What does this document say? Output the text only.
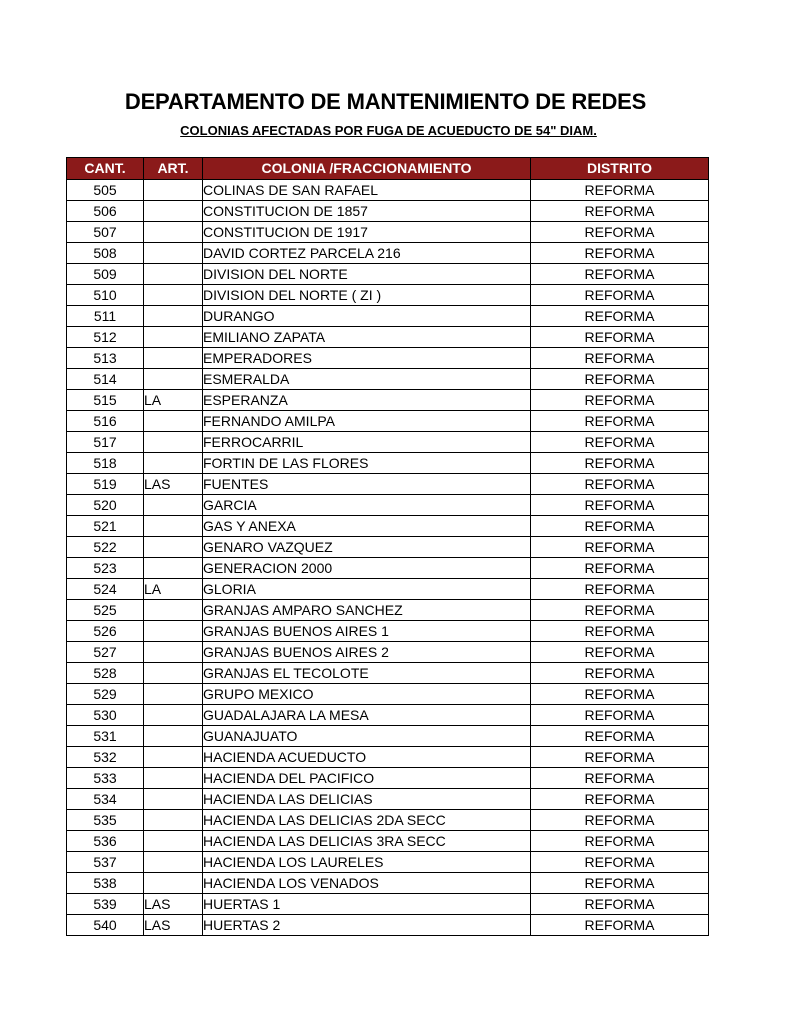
DEPARTAMENTO DE MANTENIMIENTO DE REDES

COLONIAS AFECTADAS POR FUGA DE ACUEDUCTO DE 54" DIAM.

CANT.	ART.	COLONIA /FRACCIONAMIENTO	DISTRITO
505		COLINAS DE SAN RAFAEL	REFORMA
506		CONSTITUCION DE 1857	REFORMA
507		CONSTITUCION DE 1917	REFORMA
508		DAVID CORTEZ PARCELA 216	REFORMA
509		DIVISION DEL NORTE	REFORMA
510		DIVISION DEL NORTE ( ZI )	REFORMA
511		DURANGO	REFORMA
512		EMILIANO ZAPATA	REFORMA
513		EMPERADORES	REFORMA
514		ESMERALDA	REFORMA
515	LA	ESPERANZA	REFORMA
516		FERNANDO AMILPA	REFORMA
517		FERROCARRIL	REFORMA
518		FORTIN DE LAS FLORES	REFORMA
519	LAS	FUENTES	REFORMA
520		GARCIA	REFORMA
521		GAS Y ANEXA	REFORMA
522		GENARO VAZQUEZ	REFORMA
523		GENERACION 2000	REFORMA
524	LA	GLORIA	REFORMA
525		GRANJAS AMPARO SANCHEZ	REFORMA
526		GRANJAS BUENOS AIRES 1	REFORMA
527		GRANJAS BUENOS AIRES 2	REFORMA
528		GRANJAS EL TECOLOTE	REFORMA
529		GRUPO MEXICO	REFORMA
530		GUADALAJARA LA MESA	REFORMA
531		GUANAJUATO	REFORMA
532		HACIENDA ACUEDUCTO	REFORMA
533		HACIENDA DEL PACIFICO	REFORMA
534		HACIENDA LAS DELICIAS	REFORMA
535		HACIENDA LAS DELICIAS 2DA SECC	REFORMA
536		HACIENDA LAS DELICIAS 3RA SECC	REFORMA
537		HACIENDA LOS LAURELES	REFORMA
538		HACIENDA LOS VENADOS	REFORMA
539	LAS	HUERTAS 1	REFORMA
540	LAS	HUERTAS 2	REFORMA
